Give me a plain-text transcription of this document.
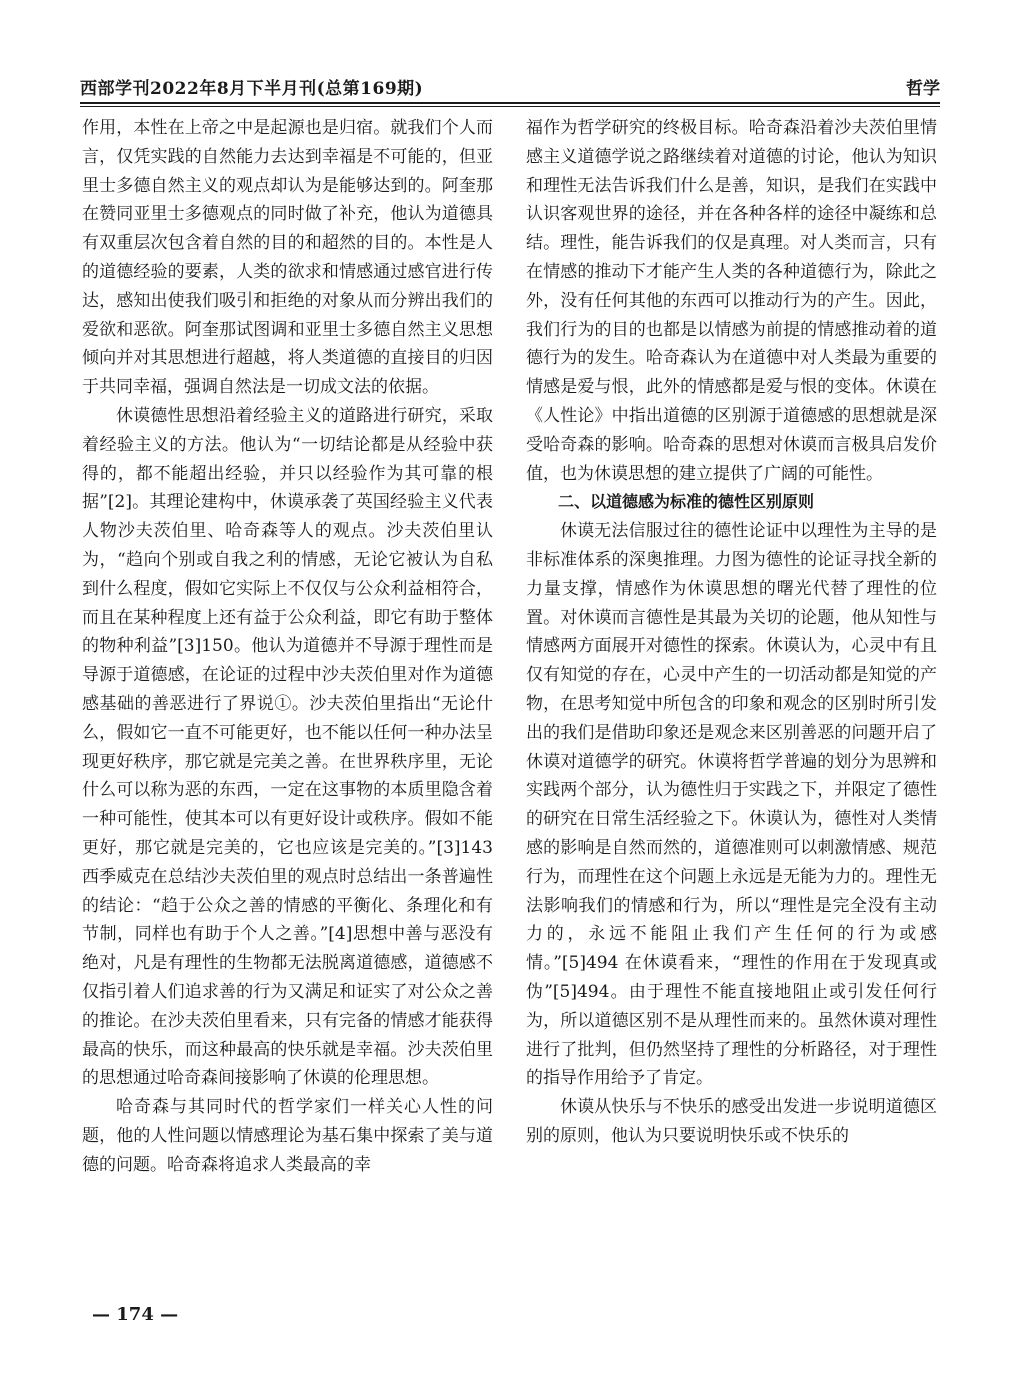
西部学刊2022年8月下半月刊(总第169期)	哲学

作用，本性在上帝之中是起源也是归宿。就我们个人而言，仅凭实践的自然能力去达到幸福是不可能的，但亚里士多德自然主义的观点却认为是能够达到的。阿奎那在赞同亚里士多德观点的同时做了补充，他认为道德具有双重层次包含着自然的目的和超然的目的。本性是人的道德经验的要素，人类的欲求和情感通过感官进行传达，感知出使我们吸引和拒绝的对象从而分辨出我们的爱欲和恶欲。阿奎那试图调和亚里士多德自然主义思想倾向并对其思想进行超越，将人类道德的直接目的归因于共同幸福，强调自然法是一切成文法的依据。

休谟德性思想沿着经验主义的道路进行研究，采取着经验主义的方法。他认为“一切结论都是从经验中获得的，都不能超出经验，并只以经验作为其可靠的根据”[2]。其理论建构中，休谟承袭了英国经验主义代表人物沙夫茨伯里、哈奇森等人的观点。沙夫茨伯里认为，“趋向个别或自我之利的情感，无论它被认为自私到什么程度，假如它实际上不仅仅与公众利益相符合，而且在某种程度上还有益于公众利益，即它有助于整体的物种利益”[3]150。他认为道德并不导源于理性而是导源于道德感，在论证的过程中沙夫茨伯里对作为道德感基础的善恶进行了界说①。沙夫茨伯里指出“无论什么，假如它一直不可能更好，也不能以任何一种办法呈现更好秩序，那它就是完美之善。在世界秩序里，无论什么可以称为恶的东西，一定在这事物的本质里隐含着一种可能性，使其本可以有更好设计或秩序。假如不能更好，那它就是完美的，它也应该是完美的。”[3]143 西季威克在总结沙夫茨伯里的观点时总结出一条普遍性的结论：“趋于公众之善的情感的平衡化、条理化和有节制，同样也有助于个人之善。”[4]思想中善与恶没有绝对，凡是有理性的生物都无法脱离道德感，道德感不仅指引着人们追求善的行为又满足和证实了对公众之善的推论。在沙夫茨伯里看来，只有完备的情感才能获得最高的快乐，而这种最高的快乐就是幸福。沙夫茨伯里的思想通过哈奇森间接影响了休谟的伦理思想。

哈奇森与其同时代的哲学家们一样关心人性的问题，他的人性问题以情感理论为基石集中探索了美与道德的问题。哈奇森将追求人类最高的幸

福作为哲学研究的终极目标。哈奇森沿着沙夫茨伯里情感主义道德学说之路继续着对道德的讨论，他认为知识和理性无法告诉我们什么是善，知识，是我们在实践中认识客观世界的途径，并在各种各样的途径中凝练和总结。理性，能告诉我们的仅是真理。对人类而言，只有在情感的推动下才能产生人类的各种道德行为，除此之外，没有任何其他的东西可以推动行为的产生。因此，我们行为的目的也都是以情感为前提的情感推动着的道德行为的发生。哈奇森认为在道德中对人类最为重要的情感是爱与恨，此外的情感都是爱与恨的变体。休谟在《人性论》中指出道德的区别源于道德感的思想就是深受哈奇森的影响。哈奇森的思想对休谟而言极具启发价值，也为休谟思想的建立提供了广阔的可能性。

二、以道德感为标准的德性区别原则

休谟无法信服过往的德性论证中以理性为主导的是非标准体系的深奥推理。力图为德性的论证寻找全新的力量支撑，情感作为休谟思想的曙光代替了理性的位置。对休谟而言德性是其最为关切的论题，他从知性与情感两方面展开对德性的探索。休谟认为，心灵中有且仅有知觉的存在，心灵中产生的一切活动都是知觉的产物，在思考知觉中所包含的印象和观念的区别时所引发出的我们是借助印象还是观念来区别善恶的问题开启了休谟对道德学的研究。休谟将哲学普遍的划分为思辨和实践两个部分，认为德性归于实践之下，并限定了德性的研究在日常生活经验之下。休谟认为，德性对人类情感的影响是自然而然的，道德准则可以刺激情感、规范行为，而理性在这个问题上永远是无能为力的。理性无法影响我们的情感和行为，所以“理性是完全没有主动力的，永远不能阻止我们产生任何的行为或感情。”[5]494 在休谟看来，“理性的作用在于发现真或伪”[5]494。由于理性不能直接地阻止或引发任何行为，所以道德区别不是从理性而来的。虽然休谟对理性进行了批判，但仍然坚持了理性的分析路径，对于理性的指导作用给予了肯定。

休谟从快乐与不快乐的感受出发进一步说明道德区别的原则，他认为只要说明快乐或不快乐的

— 174 —
